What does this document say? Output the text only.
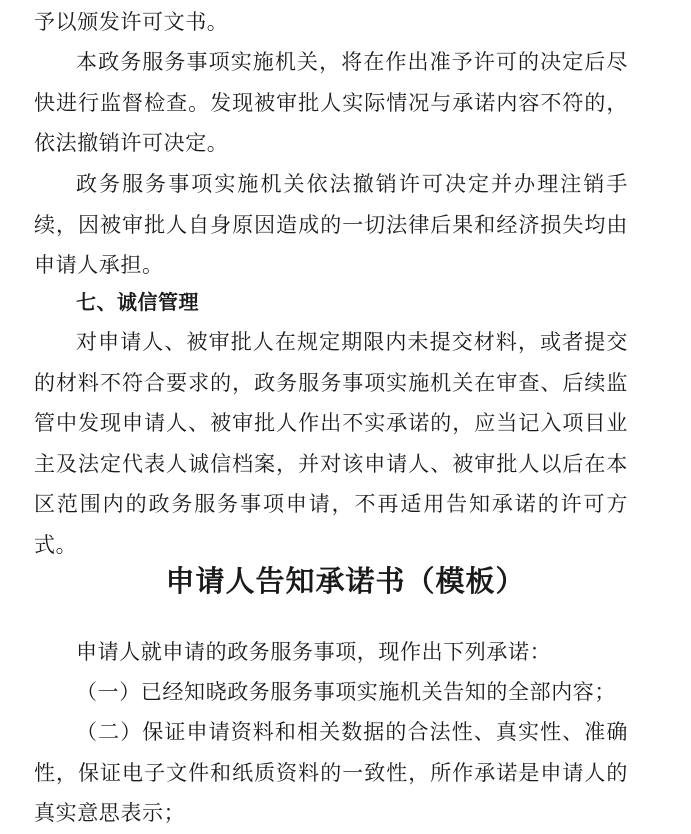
予以颁发许可文书。

本政务服务事项实施机关，将在作出准予许可的决定后尽快进行监督检查。发现被审批人实际情况与承诺内容不符的，依法撤销许可决定。

政务服务事项实施机关依法撤销许可决定并办理注销手续，因被审批人自身原因造成的一切法律后果和经济损失均由申请人承担。

七、诚信管理

对申请人、被审批人在规定期限内未提交材料，或者提交的材料不符合要求的，政务服务事项实施机关在审查、后续监管中发现申请人、被审批人作出不实承诺的，应当记入项目业主及法定代表人诚信档案，并对该申请人、被审批人以后在本区范围内的政务服务事项申请，不再适用告知承诺的许可方式。

申请人告知承诺书（模板）

申请人就申请的政务服务事项，现作出下列承诺：

（一）已经知晓政务服务事项实施机关告知的全部内容；

（二）保证申请资料和相关数据的合法性、真实性、准确性，保证电子文件和纸质资料的一致性，所作承诺是申请人的真实意思表示；
